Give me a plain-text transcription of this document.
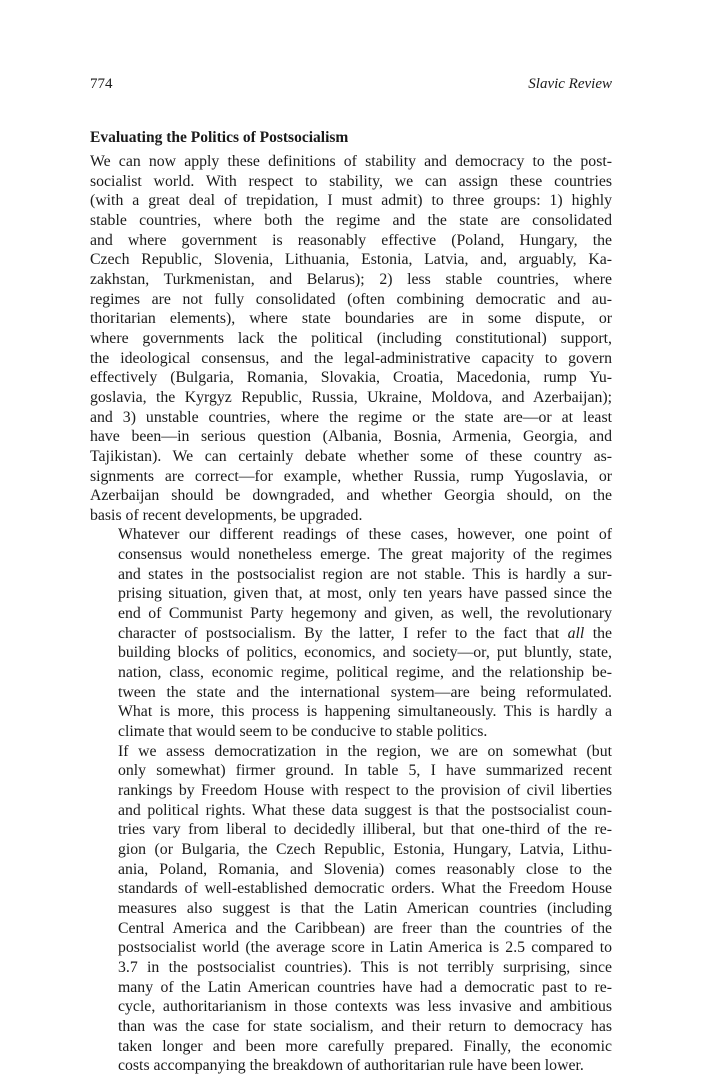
774	Slavic Review
Evaluating the Politics of Postsocialism

We can now apply these definitions of stability and democracy to the post-
socialist world. With respect to stability, we can assign these countries
(with a great deal of trepidation, I must admit) to three groups: 1) highly
stable countries, where both the regime and the state are consolidated
and where government is reasonably effective (Poland, Hungary, the
Czech Republic, Slovenia, Lithuania, Estonia, Latvia, and, arguably, Ka-
zakhstan, Turkmenistan, and Belarus); 2) less stable countries, where
regimes are not fully consolidated (often combining democratic and au-
thoritarian elements), where state boundaries are in some dispute, or
where governments lack the political (including constitutional) support,
the ideological consensus, and the legal-administrative capacity to govern
effectively (Bulgaria, Romania, Slovakia, Croatia, Macedonia, rump Yu-
goslavia, the Kyrgyz Republic, Russia, Ukraine, Moldova, and Azerbaijan);
and 3) unstable countries, where the regime or the state are—or at least
have been—in serious question (Albania, Bosnia, Armenia, Georgia, and
Tajikistan). We can certainly debate whether some of these country as-
signments are correct—for example, whether Russia, rump Yugoslavia, or
Azerbaijan should be downgraded, and whether Georgia should, on the
basis of recent developments, be upgraded.

Whatever our different readings of these cases, however, one point of
consensus would nonetheless emerge. The great majority of the regimes
and states in the postsocialist region are not stable. This is hardly a sur-
prising situation, given that, at most, only ten years have passed since the
end of Communist Party hegemony and given, as well, the revolutionary
character of postsocialism. By the latter, I refer to the fact that all the
building blocks of politics, economics, and society—or, put bluntly, state,
nation, class, economic regime, political regime, and the relationship be-
tween the state and the international system—are being reformulated.
What is more, this process is happening simultaneously. This is hardly a
climate that would seem to be conducive to stable politics.

If we assess democratization in the region, we are on somewhat (but
only somewhat) firmer ground. In table 5, I have summarized recent
rankings by Freedom House with respect to the provision of civil liberties
and political rights. What these data suggest is that the postsocialist coun-
tries vary from liberal to decidedly illiberal, but that one-third of the re-
gion (or Bulgaria, the Czech Republic, Estonia, Hungary, Latvia, Lithu-
ania, Poland, Romania, and Slovenia) comes reasonably close to the
standards of well-established democratic orders. What the Freedom House
measures also suggest is that the Latin American countries (including
Central America and the Caribbean) are freer than the countries of the
postsocialist world (the average score in Latin America is 2.5 compared to
3.7 in the postsocialist countries). This is not terribly surprising, since
many of the Latin American countries have had a democratic past to re-
cycle, authoritarianism in those contexts was less invasive and ambitious
than was the case for state socialism, and their return to democracy has
taken longer and been more carefully prepared. Finally, the economic
costs accompanying the breakdown of authoritarian rule have been lower.
